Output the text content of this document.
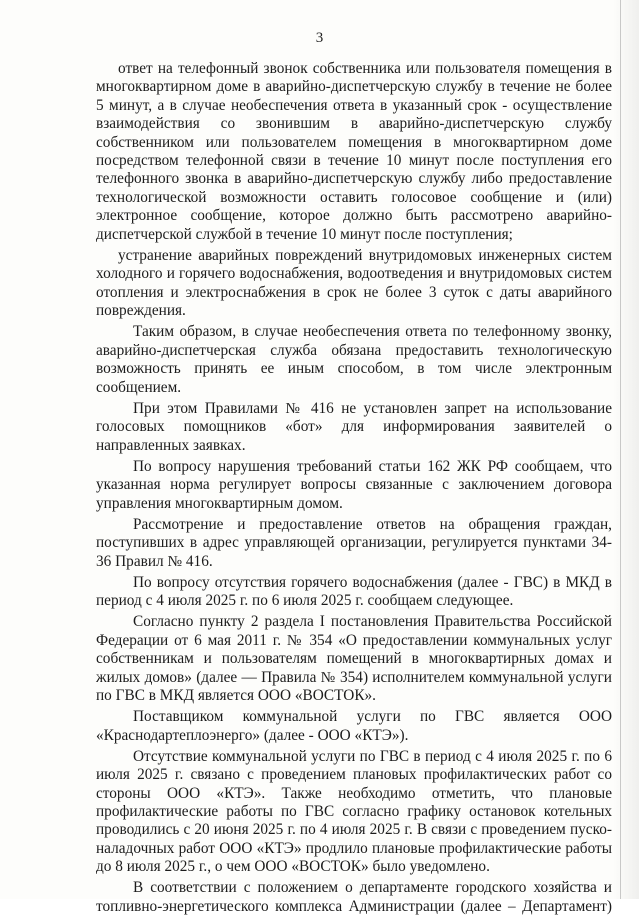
3

ответ на телефонный звонок собственника или пользователя помещения в многоквартирном доме в аварийно-диспетчерскую службу в течение не более 5 минут, а в случае необеспечения ответа в указанный срок - осуществление взаимодействия со звонившим в аварийно-диспетчерскую службу собственником или пользователем помещения в многоквартирном доме посредством телефонной связи в течение 10 минут после поступления его телефонного звонка в аварийно-диспетчерскую службу либо предоставление технологической возможности оставить голосовое сообщение и (или) электронное сообщение, которое должно быть рассмотрено аварийно-диспетчерской службой в течение 10 минут после поступления;

устранение аварийных повреждений внутридомовых инженерных систем холодного и горячего водоснабжения, водоотведения и внутридомовых систем отопления и электроснабжения в срок не более 3 суток с даты аварийного повреждения.

Таким образом, в случае необеспечения ответа по телефонному звонку, аварийно-диспетчерская служба обязана предоставить технологическую возможность принять ее иным способом, в том числе электронным сообщением.

При этом Правилами № 416 не установлен запрет на использование голосовых помощников «бот» для информирования заявителей о направленных заявках.

По вопросу нарушения требований статьи 162 ЖК РФ сообщаем, что указанная норма регулирует вопросы связанные с заключением договора управления многоквартирным домом.

Рассмотрение и предоставление ответов на обращения граждан, поступивших в адрес управляющей организации, регулируется пунктами 34-36 Правил № 416.

По вопросу отсутствия горячего водоснабжения (далее - ГВС) в МКД в период с 4 июля 2025 г. по 6 июля 2025 г. сообщаем следующее.

Согласно пункту 2 раздела I постановления Правительства Российской Федерации от 6 мая 2011 г. № 354 «О предоставлении коммунальных услуг собственникам и пользователям помещений в многоквартирных домах и жилых домов» (далее — Правила № 354) исполнителем коммунальной услуги по ГВС в МКД является ООО «ВОСТОК».

Поставщиком коммунальной услуги по ГВС является ООО «Краснодартеплоэнерго» (далее - ООО «КТЭ»).

Отсутствие коммунальной услуги по ГВС в период с 4 июля 2025 г. по 6 июля 2025 г. связано с проведением плановых профилактических работ со стороны ООО «КТЭ». Также необходимо отметить, что плановые профилактические работы по ГВС согласно графику остановок котельных проводились с 20 июня 2025 г. по 4 июля 2025 г. В связи с проведением пуско-наладочных работ ООО «КТЭ» продлило плановые профилактические работы до 8 июля 2025 г., о чем ООО «ВОСТОК» было уведомлено.

В соответствии с положением о департаменте городского хозяйства и топливно-энергетического комплекса Администрации (далее – Департамент)
